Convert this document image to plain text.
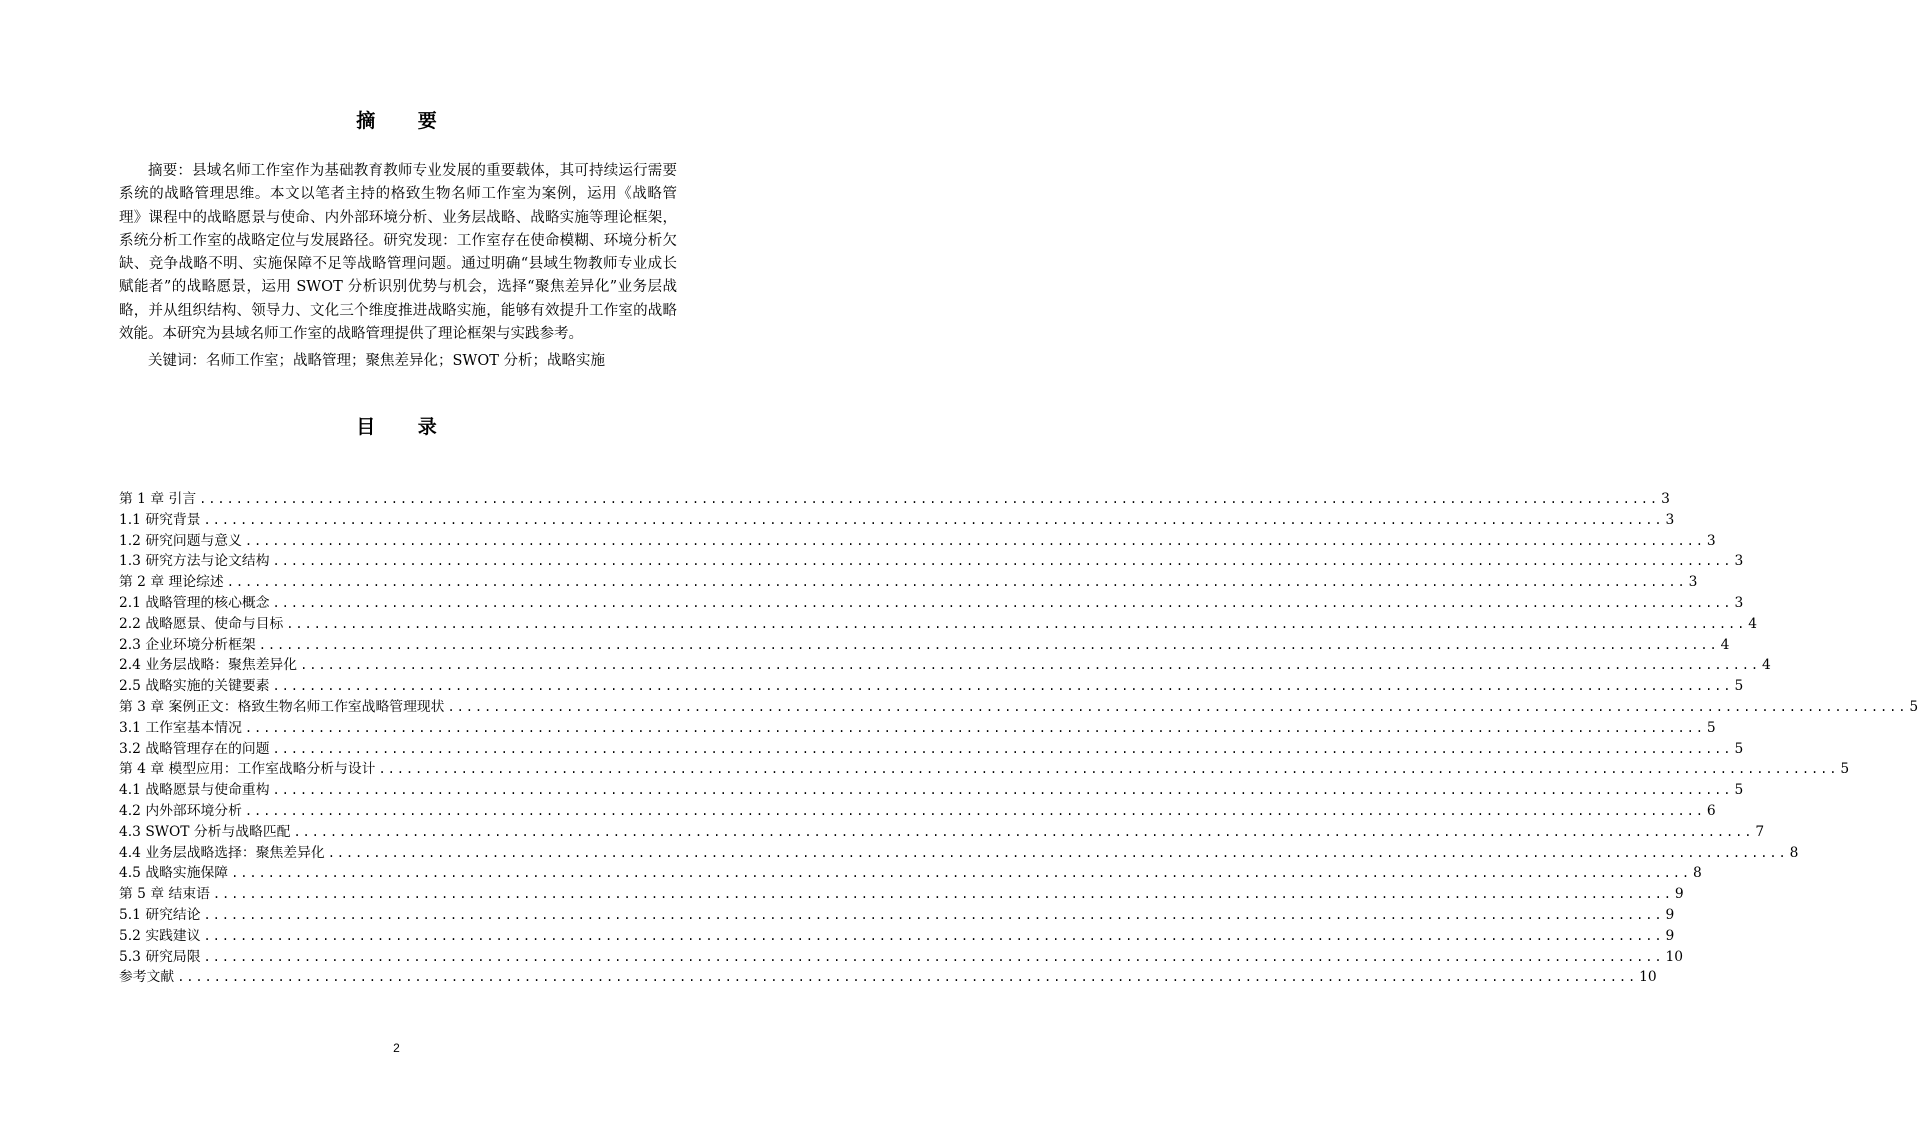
摘 要

摘要：县域名师工作室作为基础教育教师专业发展的重要载体，其可持续运行需要系统的战略管理思维。本文以笔者主持的格致生物名师工作室为案例，运用《战略管理》课程中的战略愿景与使命、内外部环境分析、业务层战略、战略实施等理论框架，系统分析工作室的战略定位与发展路径。研究发现：工作室存在使命模糊、环境分析欠缺、竞争战略不明、实施保障不足等战略管理问题。通过明确“县域生物教师专业成长赋能者”的战略愿景，运用 SWOT 分析识别优势与机会，选择“聚焦差异化”业务层战略，并从组织结构、领导力、文化三个维度推进战略实施，能够有效提升工作室的战略效能。本研究为县域名师工作室的战略管理提供了理论框架与实践参考。

关键词：名师工作室；战略管理；聚焦差异化；SWOT 分析；战略实施
目 录
第 1 章 引言 ................................................................................................................................................................ 3
1.1 研究背景 ................................................................................................................................................................ 3
1.2 研究问题与意义 ................................................................................................................................................................ 3
1.3 研究方法与论文结构 ................................................................................................................................................................ 3
第 2 章 理论综述 ................................................................................................................................................................ 3
2.1 战略管理的核心概念 ................................................................................................................................................................ 3
2.2 战略愿景、使命与目标 ................................................................................................................................................................ 4
2.3 企业环境分析框架 ................................................................................................................................................................ 4
2.4 业务层战略：聚焦差异化 ................................................................................................................................................................ 4
2.5 战略实施的关键要素 ................................................................................................................................................................ 5
第 3 章 案例正文：格致生物名师工作室战略管理现状 ................................................................................................................................................................ 5
3.1 工作室基本情况 ................................................................................................................................................................ 5
3.2 战略管理存在的问题 ................................................................................................................................................................ 5
第 4 章 模型应用：工作室战略分析与设计 ................................................................................................................................................................ 5
4.1 战略愿景与使命重构 ................................................................................................................................................................ 5
4.2 内外部环境分析 ................................................................................................................................................................ 6
4.3 SWOT 分析与战略匹配 ................................................................................................................................................................ 7
4.4 业务层战略选择：聚焦差异化 ................................................................................................................................................................ 8
4.5 战略实施保障 ................................................................................................................................................................ 8
第 5 章 结束语 ................................................................................................................................................................ 9
5.1 研究结论 ................................................................................................................................................................ 9
5.2 实践建议 ................................................................................................................................................................ 9
5.3 研究局限 ................................................................................................................................................................ 10
参考文献 ................................................................................................................................................................ 10
2
